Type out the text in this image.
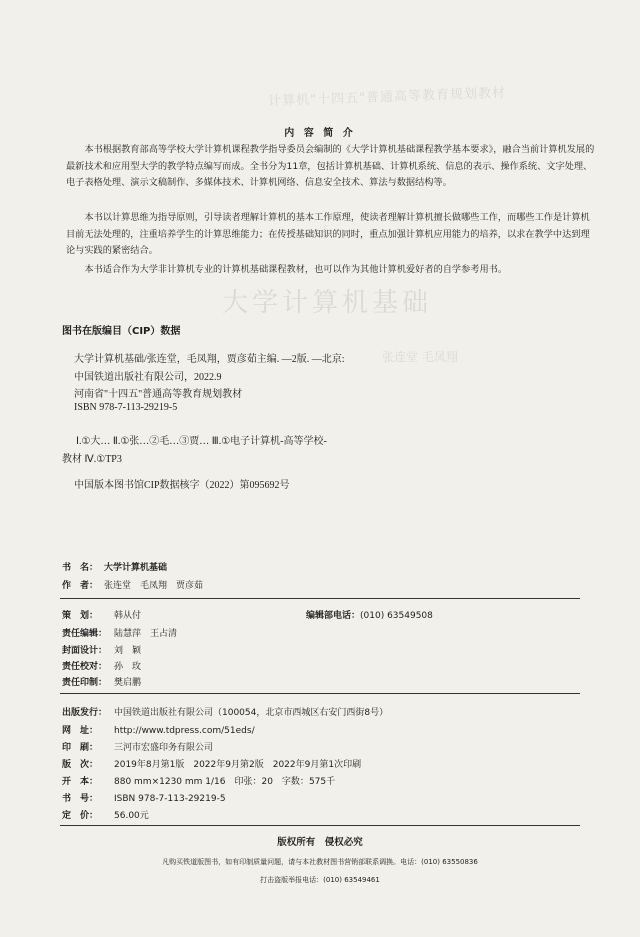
计算机"十四五"普通高等教育规划教材
大学计算机基础
张连堂 毛凤翔
内 容 简 介

本书根据教育部高等学校大学计算机课程教学指导委员会编制的《大学计算机基础课程教学基本要求》，融合当前计算机发展的最新技术和应用型大学的教学特点编写而成。全书分为11章，包括计算机基础、计算机系统、信息的表示、操作系统、文字处理、电子表格处理、演示文稿制作、多媒体技术、计算机网络、信息安全技术、算法与数据结构等。

本书以计算思维为指导原则，引导读者理解计算机的基本工作原理，使读者理解计算机擅长做哪些工作，而哪些工作是计算机目前无法处理的，注重培养学生的计算思维能力；在传授基础知识的同时，重点加强计算机应用能力的培养，以求在教学中达到理论与实践的紧密结合。

本书适合作为大学非计算机专业的计算机基础课程教材，也可以作为其他计算机爱好者的自学参考用书。

图书在版编目（CIP）数据
大学计算机基础/张连堂，毛凤翔，贾彦茹主编. —2版. —北京:
中国铁道出版社有限公司，2022.9
河南省"十四五"普通高等教育规划教材
ISBN 978-7-113-29219-5
Ⅰ.①大… Ⅱ.①张…②毛…③贾… Ⅲ.①电子计算机-高等学校-
教材 Ⅳ.①TP3
中国版本图书馆CIP数据核字（2022）第095692号
书　名： 大学计算机基础
作　者： 张连堂　毛凤翔　贾彦茹
策　划： 韩从付	编辑部电话：(010) 63549508
责任编辑： 陆慧萍　王占清
封面设计： 刘　颖
责任校对： 孙　玫
责任印制： 樊启鹏
出版发行： 中国铁道出版社有限公司（100054，北京市西城区右安门西街8号）
网　址： http://www.tdpress.com/51eds/
印　刷： 三河市宏盛印务有限公司
版　次： 2019年8月第1版　2022年9月第2版　2022年9月第1次印刷
开　本： 880 mm×1230 mm 1/16　印张：20　字数：575千
书　号： ISBN 978-7-113-29219-5
定　价： 56.00元
版权所有　侵权必究
凡购买铁道版图书，如有印制质量问题，请与本社教材图书营销部联系调换。电话：(010) 63550836
打击盗版举报电话：(010) 63549461
